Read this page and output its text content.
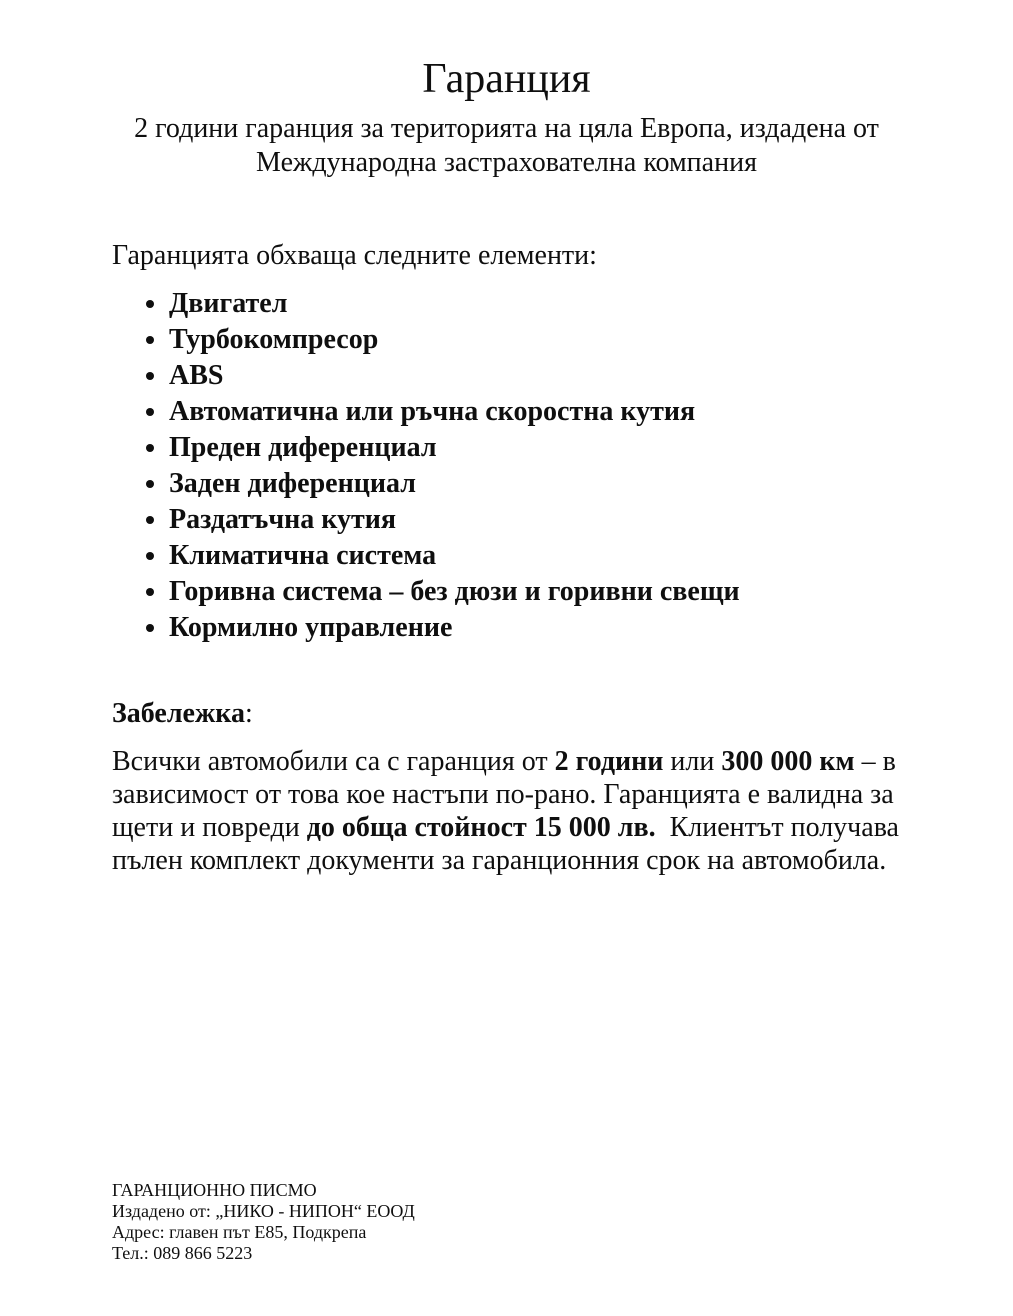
Гаранция

2 години гаранция за територията на цяла Европа, издадена от Международна застрахователна компания

Гаранцията обхваща следните елементи:

• Двигател
• Турбокомпресор
• ABS
• Автоматична или ръчна скоростна кутия
• Преден диференциал
• Заден диференциал
• Раздатъчна кутия
• Климатична система
• Горивна система – без дюзи и горивни свещи
• Кормилно управление

Забележка:

Всички автомобили са с гаранция от 2 години или 300 000 км – в зависимост от това кое настъпи по-рано. Гаранцията е валидна за щети и повреди до обща стойност 15 000 лв.  Клиентът получава пълен комплект документи за гаранционния срок на автомобила.

ГАРАНЦИОННО ПИСМО
Издадено от: „НИКО - НИПОН“ ЕООД
Адрес: главен път Е85, Подкрепа
Тел.: 089 866 5223
